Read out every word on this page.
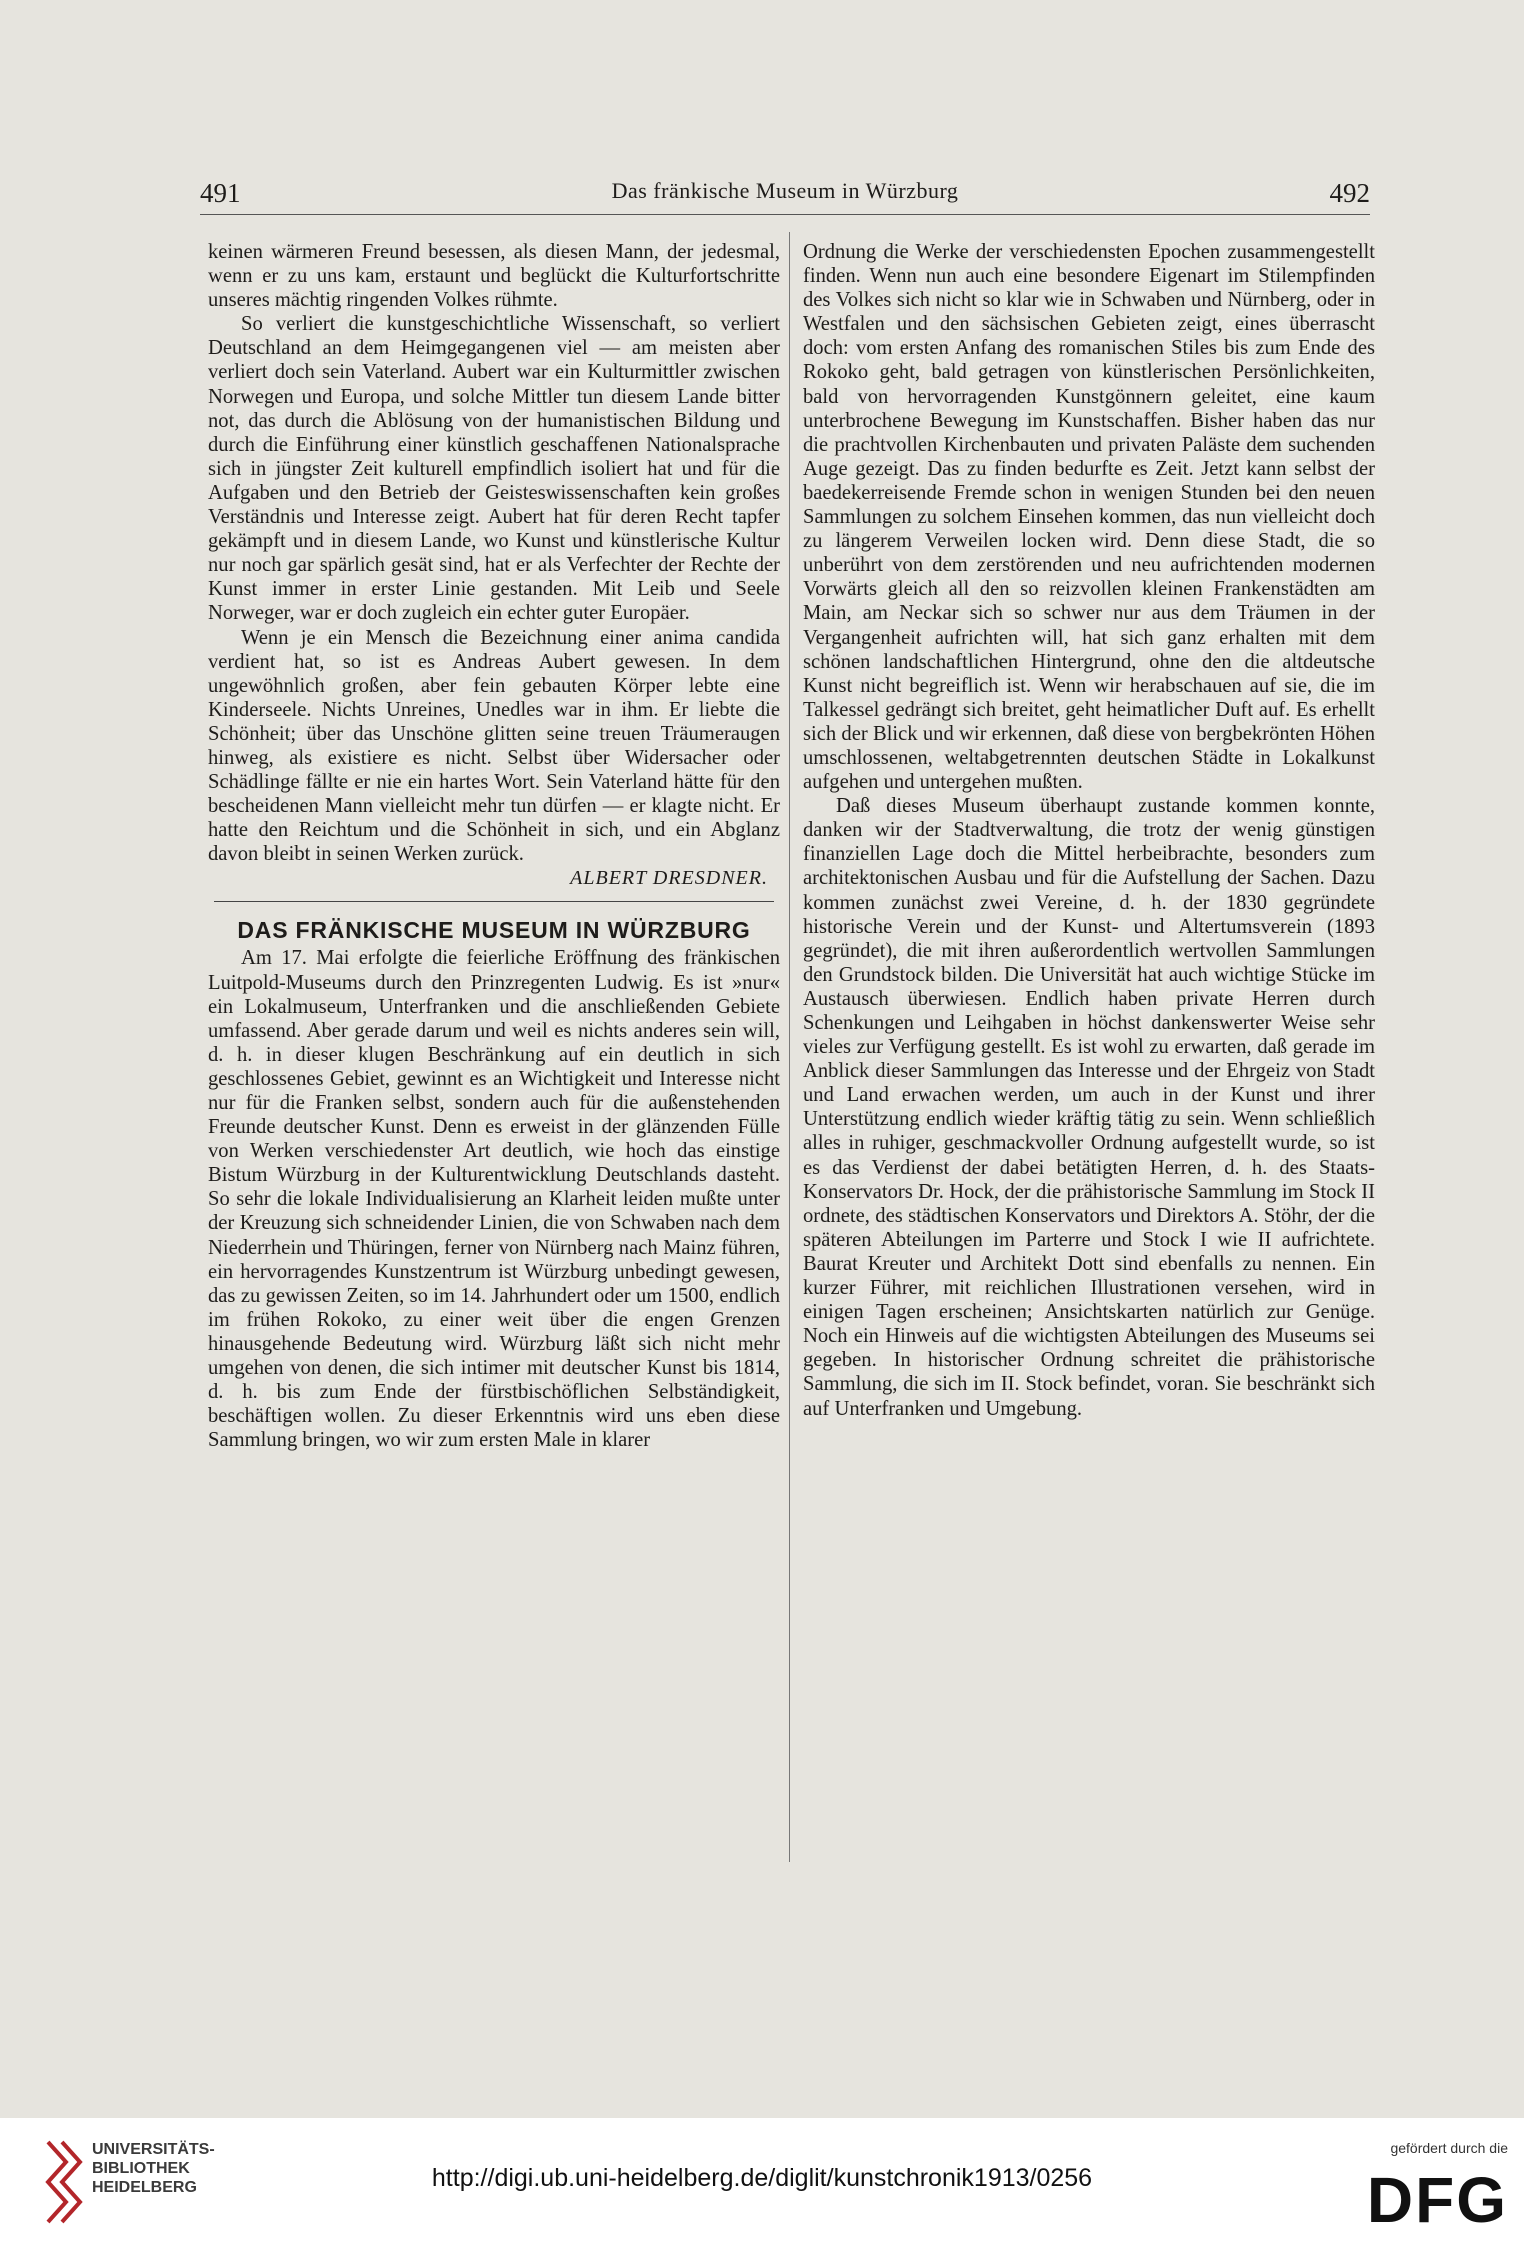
491	Das fränkische Museum in Würzburg	492

keinen wärmeren Freund besessen, als diesen Mann, der jedesmal, wenn er zu uns kam, erstaunt und beglückt die Kulturfortschritte unseres mächtig ringenden Volkes rühmte.

So verliert die kunstgeschichtliche Wissenschaft, so verliert Deutschland an dem Heimgegangenen viel — am meisten aber verliert doch sein Vaterland. Aubert war ein Kulturmittler zwischen Norwegen und Europa, und solche Mittler tun diesem Lande bitter not, das durch die Ablösung von der humanistischen Bildung und durch die Einführung einer künstlich geschaffenen Nationalsprache sich in jüngster Zeit kulturell empfindlich isoliert hat und für die Aufgaben und den Betrieb der Geisteswissenschaften kein großes Verständnis und Interesse zeigt. Aubert hat für deren Recht tapfer gekämpft und in diesem Lande, wo Kunst und künstlerische Kultur nur noch gar spärlich gesät sind, hat er als Verfechter der Rechte der Kunst immer in erster Linie gestanden. Mit Leib und Seele Norweger, war er doch zugleich ein echter guter Europäer.

Wenn je ein Mensch die Bezeichnung einer anima candida verdient hat, so ist es Andreas Aubert gewesen. In dem ungewöhnlich großen, aber fein gebauten Körper lebte eine Kinderseele. Nichts Unreines, Unedles war in ihm. Er liebte die Schönheit; über das Unschöne glitten seine treuen Träumeraugen hinweg, als existiere es nicht. Selbst über Widersacher oder Schädlinge fällte er nie ein hartes Wort. Sein Vaterland hätte für den bescheidenen Mann vielleicht mehr tun dürfen — er klagte nicht. Er hatte den Reichtum und die Schönheit in sich, und ein Abglanz davon bleibt in seinen Werken zurück.

ALBERT DRESDNER.

DAS FRÄNKISCHE MUSEUM IN WÜRZBURG

Am 17. Mai erfolgte die feierliche Eröffnung des fränkischen Luitpold-Museums durch den Prinzregenten Ludwig. Es ist »nur« ein Lokalmuseum, Unterfranken und die anschließenden Gebiete umfassend. Aber gerade darum und weil es nichts anderes sein will, d. h. in dieser klugen Beschränkung auf ein deutlich in sich geschlossenes Gebiet, gewinnt es an Wichtigkeit und Interesse nicht nur für die Franken selbst, sondern auch für die außenstehenden Freunde deutscher Kunst. Denn es erweist in der glänzenden Fülle von Werken verschiedenster Art deutlich, wie hoch das einstige Bistum Würzburg in der Kulturentwicklung Deutschlands dasteht. So sehr die lokale Individualisierung an Klarheit leiden mußte unter der Kreuzung sich schneidender Linien, die von Schwaben nach dem Niederrhein und Thüringen, ferner von Nürnberg nach Mainz führen, ein hervorragendes Kunstzentrum ist Würzburg unbedingt gewesen, das zu gewissen Zeiten, so im 14. Jahrhundert oder um 1500, endlich im frühen Rokoko, zu einer weit über die engen Grenzen hinausgehende Bedeutung wird. Würzburg läßt sich nicht mehr umgehen von denen, die sich intimer mit deutscher Kunst bis 1814, d. h. bis zum Ende der fürstbischöflichen Selbständigkeit, beschäftigen wollen. Zu dieser Erkenntnis wird uns eben diese Sammlung bringen, wo wir zum ersten Male in klarer

Ordnung die Werke der verschiedensten Epochen zusammengestellt finden. Wenn nun auch eine besondere Eigenart im Stilempfinden des Volkes sich nicht so klar wie in Schwaben und Nürnberg, oder in Westfalen und den sächsischen Gebieten zeigt, eines überrascht doch: vom ersten Anfang des romanischen Stiles bis zum Ende des Rokoko geht, bald getragen von künstlerischen Persönlichkeiten, bald von hervorragenden Kunstgönnern geleitet, eine kaum unterbrochene Bewegung im Kunstschaffen. Bisher haben das nur die prachtvollen Kirchenbauten und privaten Paläste dem suchenden Auge gezeigt. Das zu finden bedurfte es Zeit. Jetzt kann selbst der baedekerreisende Fremde schon in wenigen Stunden bei den neuen Sammlungen zu solchem Einsehen kommen, das nun vielleicht doch zu längerem Verweilen locken wird. Denn diese Stadt, die so unberührt von dem zerstörenden und neu aufrichtenden modernen Vorwärts gleich all den so reizvollen kleinen Frankenstädten am Main, am Neckar sich so schwer nur aus dem Träumen in der Vergangenheit aufrichten will, hat sich ganz erhalten mit dem schönen landschaftlichen Hintergrund, ohne den die altdeutsche Kunst nicht begreiflich ist. Wenn wir herabschauen auf sie, die im Talkessel gedrängt sich breitet, geht heimatlicher Duft auf. Es erhellt sich der Blick und wir erkennen, daß diese von bergbekrönten Höhen umschlossenen, weltabgetrennten deutschen Städte in Lokalkunst aufgehen und untergehen mußten.

Daß dieses Museum überhaupt zustande kommen konnte, danken wir der Stadtverwaltung, die trotz der wenig günstigen finanziellen Lage doch die Mittel herbeibrachte, besonders zum architektonischen Ausbau und für die Aufstellung der Sachen. Dazu kommen zunächst zwei Vereine, d. h. der 1830 gegründete historische Verein und der Kunst- und Altertumsverein (1893 gegründet), die mit ihren außerordentlich wertvollen Sammlungen den Grundstock bilden. Die Universität hat auch wichtige Stücke im Austausch überwiesen. Endlich haben private Herren durch Schenkungen und Leihgaben in höchst dankenswerter Weise sehr vieles zur Verfügung gestellt. Es ist wohl zu erwarten, daß gerade im Anblick dieser Sammlungen das Interesse und der Ehrgeiz von Stadt und Land erwachen werden, um auch in der Kunst und ihrer Unterstützung endlich wieder kräftig tätig zu sein. Wenn schließlich alles in ruhiger, geschmackvoller Ordnung aufgestellt wurde, so ist es das Verdienst der dabei betätigten Herren, d. h. des Staats-Konservators Dr. Hock, der die prähistorische Sammlung im Stock II ordnete, des städtischen Konservators und Direktors A. Stöhr, der die späteren Abteilungen im Parterre und Stock I wie II aufrichtete. Baurat Kreuter und Architekt Dott sind ebenfalls zu nennen. Ein kurzer Führer, mit reichlichen Illustrationen versehen, wird in einigen Tagen erscheinen; Ansichtskarten natürlich zur Genüge. Noch ein Hinweis auf die wichtigsten Abteilungen des Museums sei gegeben. In historischer Ordnung schreitet die prähistorische Sammlung, die sich im II. Stock befindet, voran. Sie beschränkt sich auf Unterfranken und Umgebung.

UNIVERSITÄTS-
BIBLIOTHEK
HEIDELBERG	http://digi.ub.uni-heidelberg.de/diglit/kunstchronik1913/0256
gefördert durch die
DFG
